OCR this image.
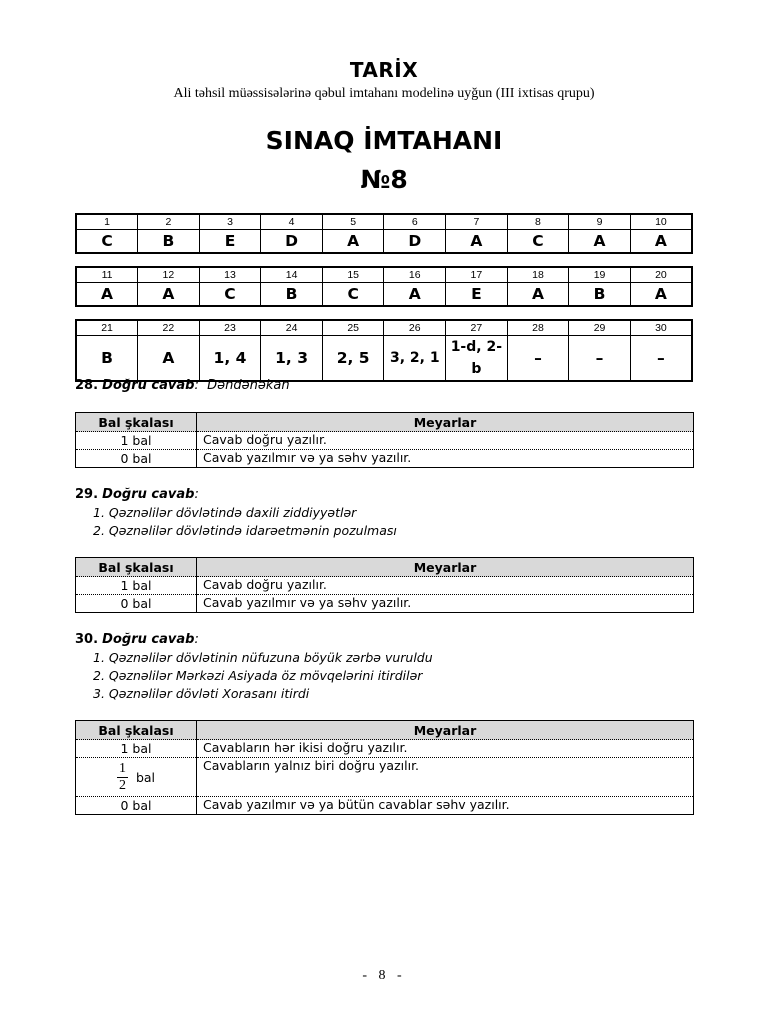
TARİX
Ali təhsil müəssisələrinə qəbul imtahanı modelinə uyğun (III ixtisas qrupu)
SINAQ İMTAHANI
№8
1	2	3	4	5	6	7	8	9	10
C	B	E	D	A	D	A	C	A	A
11	12	13	14	15	16	17	18	19	20
A	A	C	B	C	A	E	A	B	A
21	22	23	24	25	26	27	28	29	30
B	A	1, 4	1, 3	2, 5	3, 2, 1	1-d, 2-b	–	–	–
28. Doğru cavab:  Dəndənəkan
Bal şkalası	Meyarlar
1 bal	Cavab doğru yazılır.
0 bal	Cavab yazılmır və ya səhv yazılır.
29. Doğru cavab:
1. Qəznəlilər dövlətində daxili ziddiyyətlər
2. Qəznəlilər dövlətində idarəetmənin pozulması
Bal şkalası	Meyarlar
1 bal	Cavab doğru yazılır.
0 bal	Cavab yazılmır və ya səhv yazılır.
30. Doğru cavab:
1. Qəznəlilər dövlətinin nüfuzuna böyük zərbə vuruldu
2. Qəznəlilər Mərkəzi Asiyada öz mövqelərini itirdilər
3. Qəznəlilər dövləti Xorasanı itirdi
Bal şkalası	Meyarlar
1 bal	Cavabların hər ikisi doğru yazılır.

$\frac{1}{2}$ bal	Cavabların yalnız biri doğru yazılır.
0 bal	Cavab yazılmır və ya bütün cavablar səhv yazılır.
- 8 -
